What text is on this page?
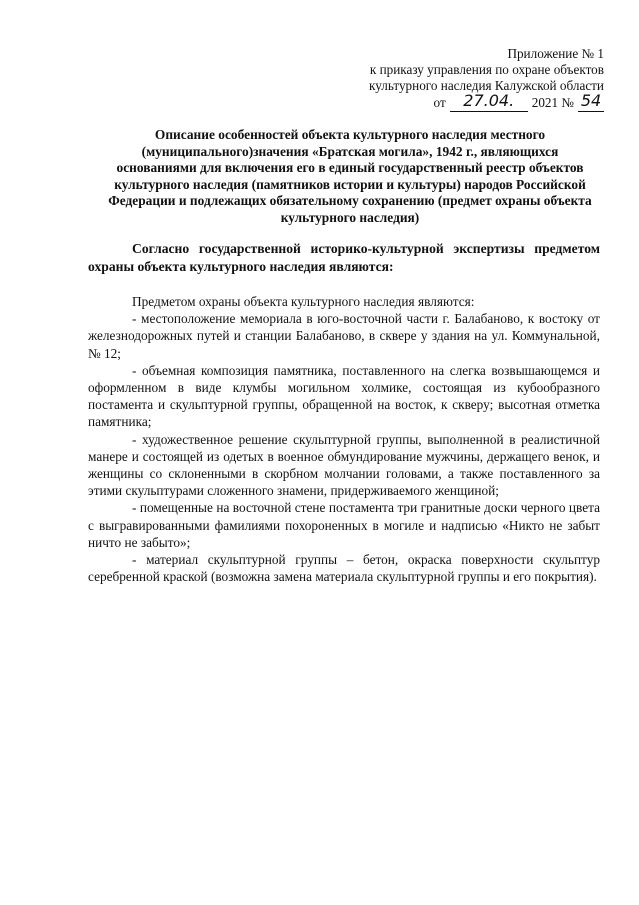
Приложение № 1
к приказу управления по охране объектов
культурного наследия Калужской области
от	27.04.	2021 № 54
Описание особенностей объекта культурного наследия местного (муниципального)значения «Братская могила», 1942 г., являющихся основаниями для включения его в единый государственный реестр объектов культурного наследия (памятников истории и культуры) народов Российской Федерации и подлежащих обязательному сохранению (предмет охраны объекта культурного наследия)
Согласно государственной историко-культурной экспертизы предметом охраны объекта культурного наследия являются:

Предметом охраны объекта культурного наследия являются:

- местоположение мемориала в юго-восточной части г. Балабаново, к востоку от железнодорожных путей и станции Балабаново, в сквере у здания на ул. Коммунальной, № 12;

- объемная композиция памятника, поставленного на слегка возвышающемся и оформленном в виде клумбы могильном холмике, состоящая из кубообразного постамента и скульптурной группы, обращенной на восток, к скверу; высотная отметка памятника;

- художественное решение скульптурной группы, выполненной в реалистичной манере и состоящей из одетых в военное обмундирование мужчины, держащего венок, и женщины со склоненными в скорбном молчании головами, а также поставленного за этими скульптурами сложенного знамени, придерживаемого женщиной;

- помещенные на восточной стене постамента три гранитные доски черного цвета с выгравированными фамилиями похороненных в могиле и надписью «Никто не забыт ничто не забыто»;

- материал скульптурной группы – бетон, окраска поверхности скульптур серебренной краской (возможна замена материала скульптурной группы и его покрытия).
